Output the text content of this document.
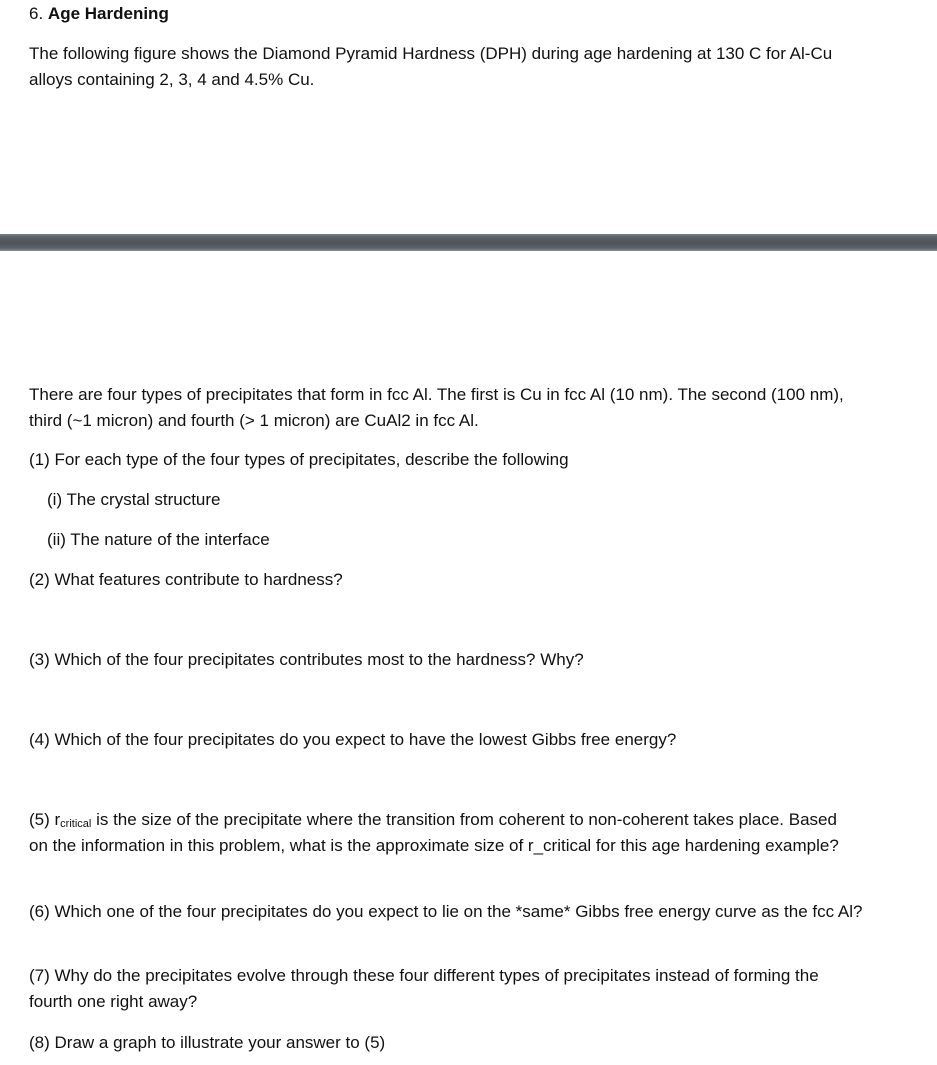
6. Age Hardening

The following figure shows the Diamond Pyramid Hardness (DPH) during age hardening at 130 C for Al-Cu alloys containing 2, 3, 4 and 4.5% Cu.

There are four types of precipitates that form in fcc Al. The first is Cu in fcc Al (10 nm). The second (100 nm), third (~1 micron) and fourth (> 1 micron) are CuAl2 in fcc Al.

(1) For each type of the four types of precipitates, describe the following

(i) The crystal structure

(ii) The nature of the interface

(2) What features contribute to hardness?

(3) Which of the four precipitates contributes most to the hardness? Why?

(4) Which of the four precipitates do you expect to have the lowest Gibbs free energy?

(5) $r_{critical}$ is the size of the precipitate where the transition from coherent to non-coherent takes place. Based on the information in this problem, what is the approximate size of r_critical for this age hardening example?

(6) Which one of the four precipitates do you expect to lie on the *same* Gibbs free energy curve as the fcc Al?

(7) Why do the precipitates evolve through these four different types of precipitates instead of forming the fourth one right away?

(8) Draw a graph to illustrate your answer to (5)
